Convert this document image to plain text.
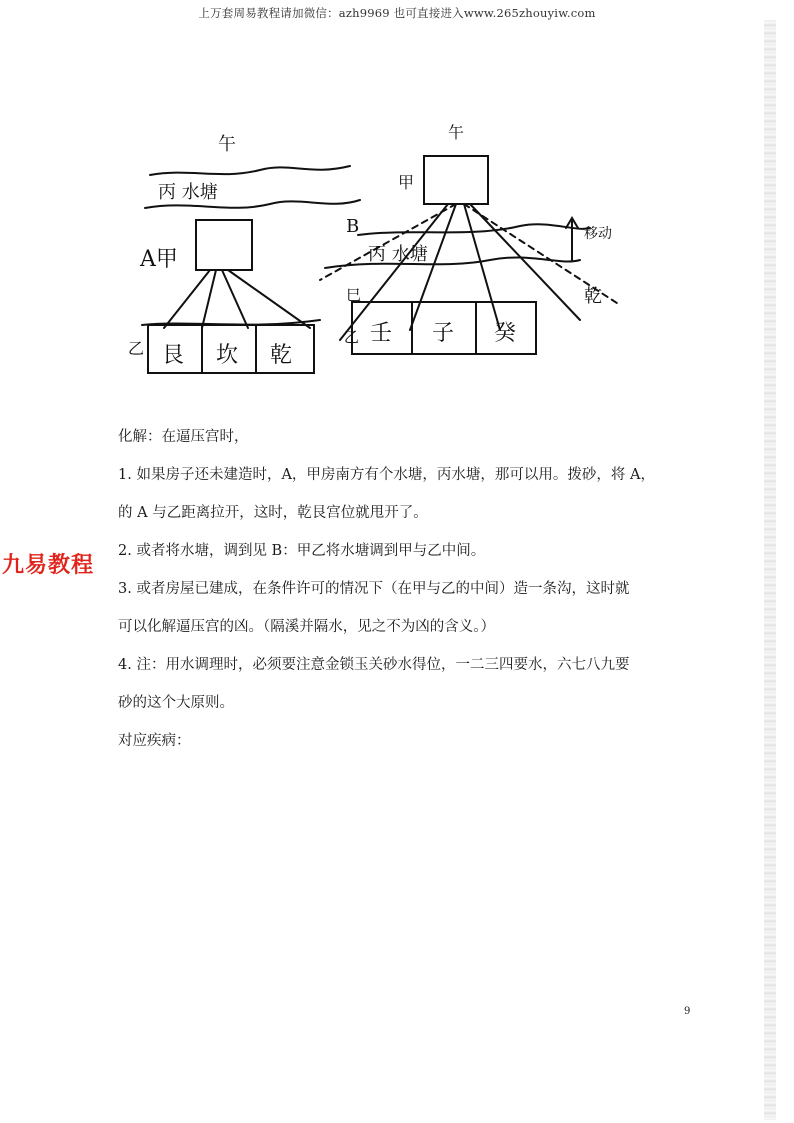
上万套周易教程请加微信：azh9969 也可直接进入www.265zhouyiw.com
午
丙 水塘
A甲
乙 艮 坎 乾
午
甲
B
丙 水塘
移动
巳
乙
乾
壬 子 癸
九易教程

化解：在逼压宫时，

1. 如果房子还未建造时，A，甲房南方有个水塘，丙水塘，那可以用。拨砂，将 A，

的 A 与乙距离拉开，这时，乾艮宫位就甩开了。

2. 或者将水塘，调到见 B：甲乙将水塘调到甲与乙中间。

3. 或者房屋已建成，在条件许可的情况下（在甲与乙的中间）造一条沟，这时就

可以化解逼压宫的凶。（隔溪并隔水，见之不为凶的含义。）

4. 注：用水调理时，必须要注意金锁玉关砂水得位，一二三四要水，六七八九要

砂的这个大原则。

对应疾病：

9
